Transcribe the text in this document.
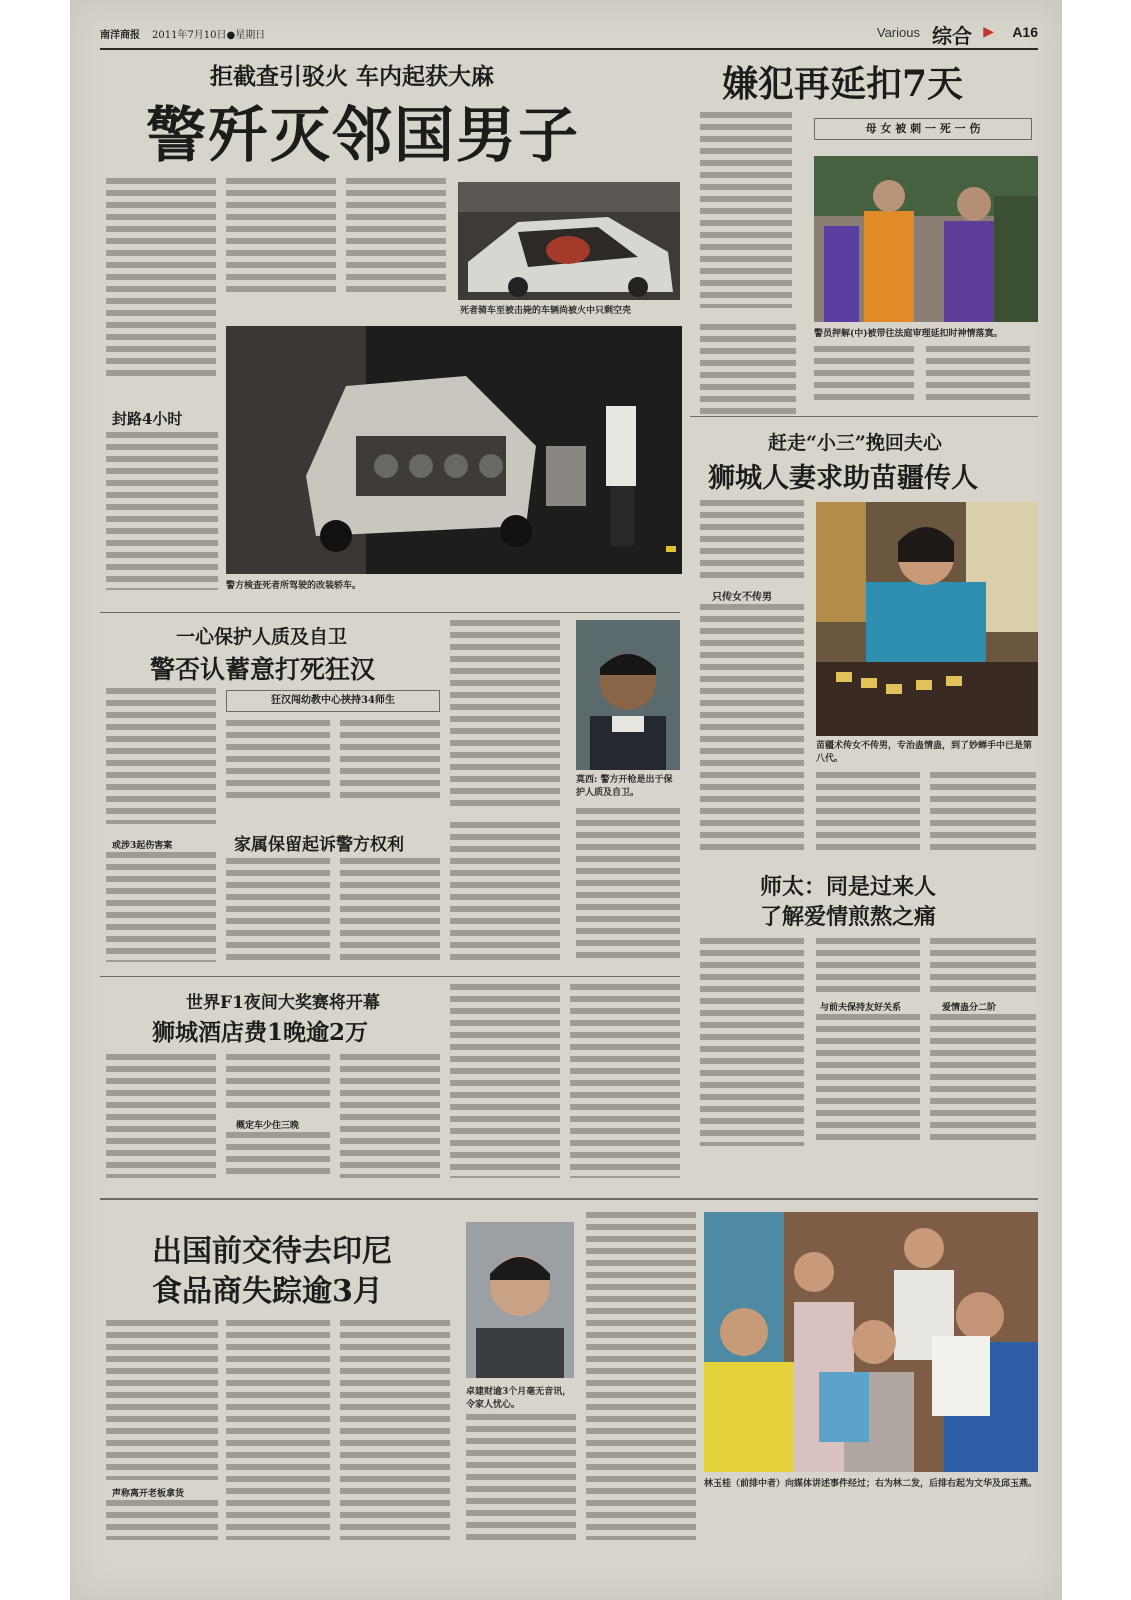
南洋商报 2011年7月10日●星期日	Various 综合 ▶ A16
拒截查引驳火 车内起获大麻
警歼灭邻国男子
封路4小时
死者骑车至被击毙的车辆尚被火中只剩空壳
警方検查死者所驾驶的改装轿车。
嫌犯再延扣7天
母 女 被 刺 一 死 一 伤
警员押解(中)被带往法庭审理延扣时神情落寞。
赶走“小三”挽回夫心
狮城人妻求助苗疆传人
只传女不传男
苗疆术传女不传男，专治蛊情蛊，到了妙蝉手中已是第八代。
师太：同是过来人
了解爱情煎熬之痛
与前夫保持友好关系	爱情蛊分二阶
一心保护人质及自卫
警否认蓄意打死狂汉
狂汉闯幼教中心挟持34师生
莫西: 警方开枪是出于保护人质及自卫。
或涉3起伤害案	家属保留起诉警方权利
世界F1夜间大奖赛将开幕
狮城酒店费1晚逾2万
概定车少住三晚
出国前交待去印尼
食品商失踪逾3月
声称离开老板拿货
卓建财逾3个月毫无音讯，令家人忧心。
林玉桂（前排中者）向媒体讲述事件经过；右为林二发，后排右起为文华及邱玉燕。
